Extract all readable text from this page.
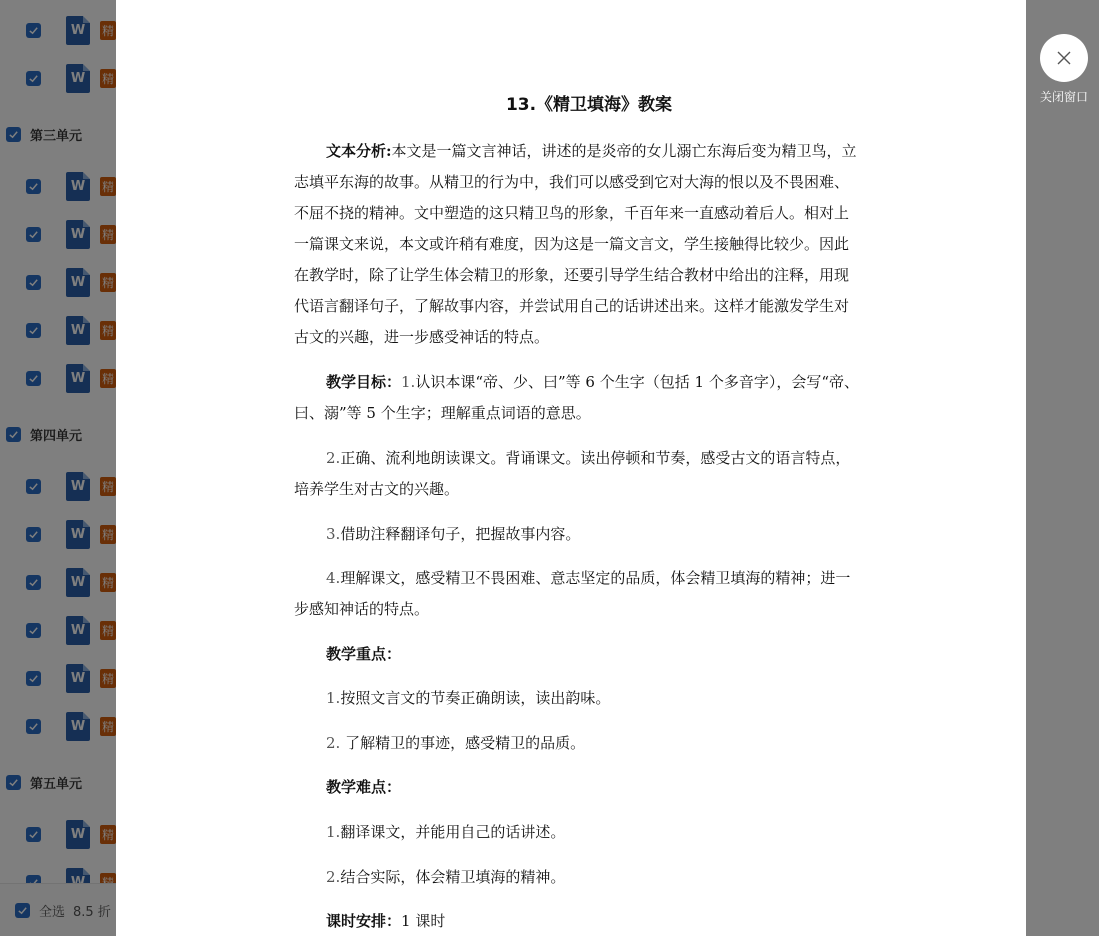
13.《精卫填海》教案

文本分析:本文是一篇文言神话，讲述的是炎帝的女儿溺亡东海后变为精卫鸟，立志填平东海的故事。从精卫的行为中，我们可以感受到它对大海的恨以及不畏困难、不屈不挠的精神。文中塑造的这只精卫鸟的形象，千百年来一直感动着后人。相对上一篇课文来说，本文或许稍有难度，因为这是一篇文言文，学生接触得比较少。因此在教学时，除了让学生体会精卫的形象，还要引导学生结合教材中给出的注释，用现代语言翻译句子，了解故事内容，并尝试用自己的话讲述出来。这样才能激发学生对古文的兴趣，进一步感受神话的特点。

教学目标：1.认识本课“帝、少、曰”等 6 个生字（包括 1 个多音字），会写“帝、曰、溺”等 5 个生字；理解重点词语的意思。

2.正确、流利地朗读课文。背诵课文。读出停顿和节奏，感受古文的语言特点，培养学生对古文的兴趣。

3.借助注释翻译句子，把握故事内容。

4.理解课文，感受精卫不畏困难、意志坚定的品质，体会精卫填海的精神；进一步感知神话的特点。

教学重点：

1.按照文言文的节奏正确朗读，读出韵味。

2. 了解精卫的事迹，感受精卫的品质。

教学难点：

1.翻译课文，并能用自己的话讲述。

2.结合实际，体会精卫填海的精神。

课时安排：1 课时

关闭窗口
